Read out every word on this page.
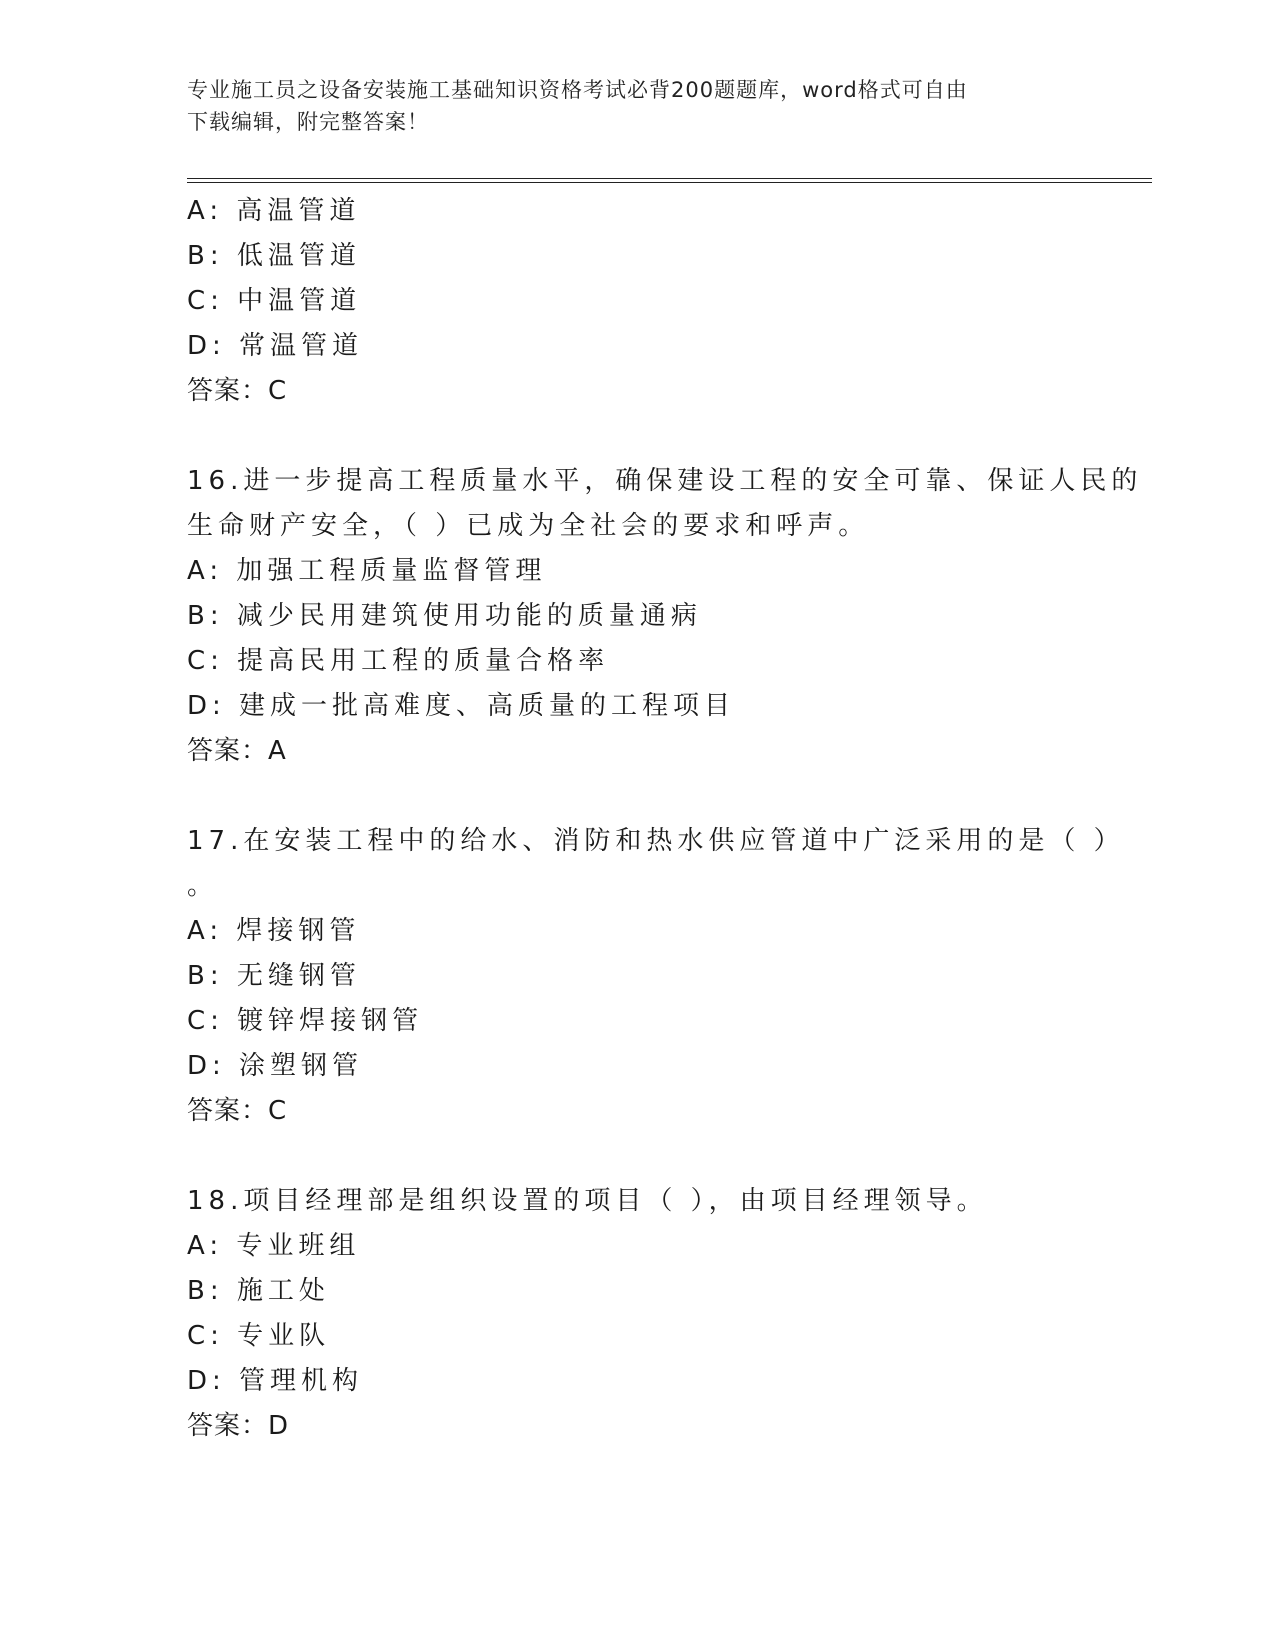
专业施工员之设备安装施工基础知识资格考试必背200题题库，word格式可自由
下载编辑，附完整答案！

A: 高温管道

B: 低温管道

C: 中温管道

D: 常温管道

答案：C

16.进一步提高工程质量水平，确保建设工程的安全可靠、保证人民的

生命财产安全，（ ）已成为全社会的要求和呼声。

A: 加强工程质量监督管理

B: 减少民用建筑使用功能的质量通病

C: 提高民用工程的质量合格率

D: 建成一批高难度、高质量的工程项目

答案：A

17.在安装工程中的给水、消防和热水供应管道中广泛采用的是（ ）

。

A: 焊接钢管

B: 无缝钢管

C: 镀锌焊接钢管

D: 涂塑钢管

答案：C

18.项目经理部是组织设置的项目（ ），由项目经理领导。

A: 专业班组

B: 施工处

C: 专业队

D: 管理机构

答案：D
